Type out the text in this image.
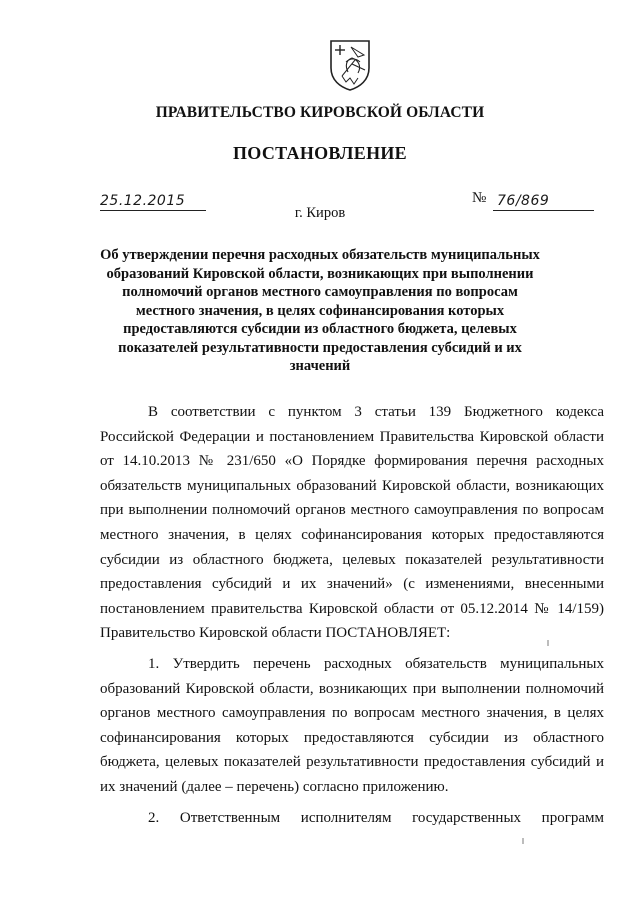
ПРАВИТЕЛЬСТВО КИРОВСКОЙ ОБЛАСТИ
ПОСТАНОВЛЕНИЕ
25.12.2015	№ 76/869
г. Киров
Об утверждении перечня расходных обязательств муниципальных образований Кировской области, возникающих при выполнении полномочий органов местного самоуправления по вопросам местного значения, в целях софинансирования которых предоставляются субсидии из областного бюджета, целевых показателей результативности предоставления субсидий и их значений

В соответствии с пунктом 3 статьи 139 Бюджетного кодекса Российской Федерации и постановлением Правительства Кировской области от 14.10.2013 № 231/650 «О Порядке формирования перечня расходных обязательств муниципальных образований Кировской области, возникающих при выполнении полномочий органов местного самоуправления по вопросам местного значения, в целях софинансирования которых предоставляются субсидии из областного бюджета, целевых показателей результативности предоставления субсидий и их значений» (с изменениями, внесенными постановлением правительства Кировской области от 05.12.2014 № 14/159) Правительство Кировской области ПОСТАНОВЛЯЕТ:

1. Утвердить перечень расходных обязательств муниципальных образований Кировской области, возникающих при выполнении полномочий органов местного самоуправления по вопросам местного значения, в целях софинансирования которых предоставляются субсидии из областного бюджета, целевых показателей результативности предоставления субсидий и их значений (далее – перечень) согласно приложению.

2. Ответственным исполнителям государственных программ
